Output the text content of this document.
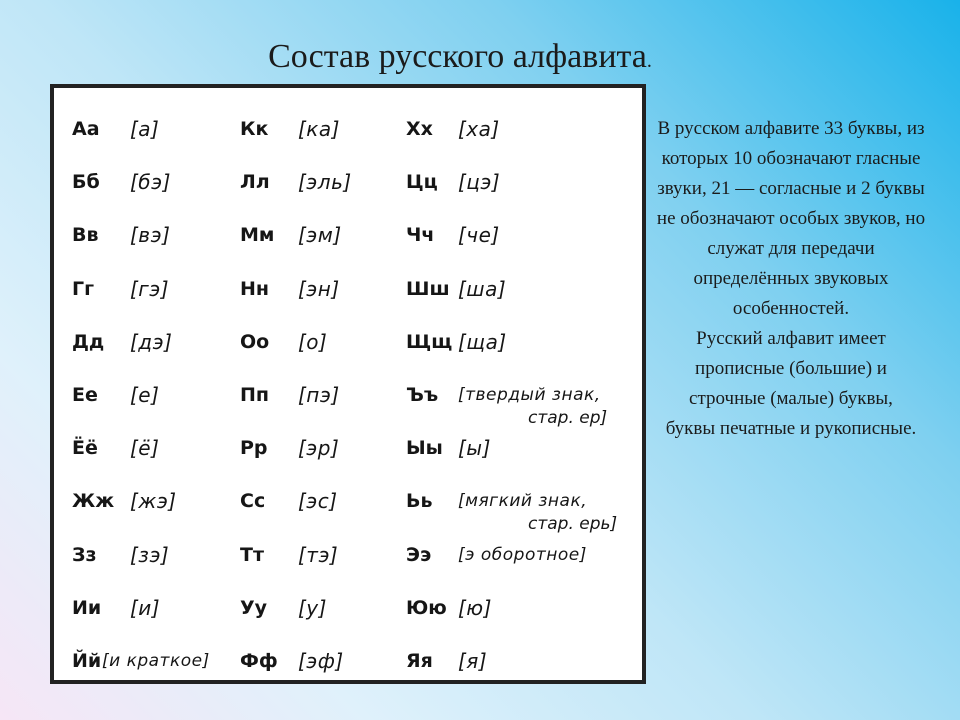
Состав русского алфавита.
Аа [а]
Бб [бэ]
Вв [вэ]
Гг [гэ]
Дд [дэ]
Ее [е]
Ёё [ё]
Жж [жэ]
Зз [зэ]
Ии [и]
Йй [и краткое]
Кк [ка]
Лл [эль]
Мм [эм]
Нн [эн]
Оо [о]
Пп [пэ]
Рр [эр]
Сс [эс]
Тт [тэ]
Уу [у]
Фф [эф]
Хх [ха]
Цц [цэ]
Чч [че]
Шш [ша]
Щщ [ща]
Ъъ [твердый знак,
стар. ер]
Ыы [ы]
Ьь [мягкий знак,
стар. ерь]
Ээ [э оборотное]
Юю [ю]
Яя [я]

В русском алфавите 33 буквы, из которых 10 обозначают гласные звуки, 21 — согласные и 2 буквы не обозначают особых звуков, но служат для передачи определённых звуковых особенностей.

Русский алфавит имеет прописные (большие) и строчные (малые) буквы,

буквы печатные и рукописные.
